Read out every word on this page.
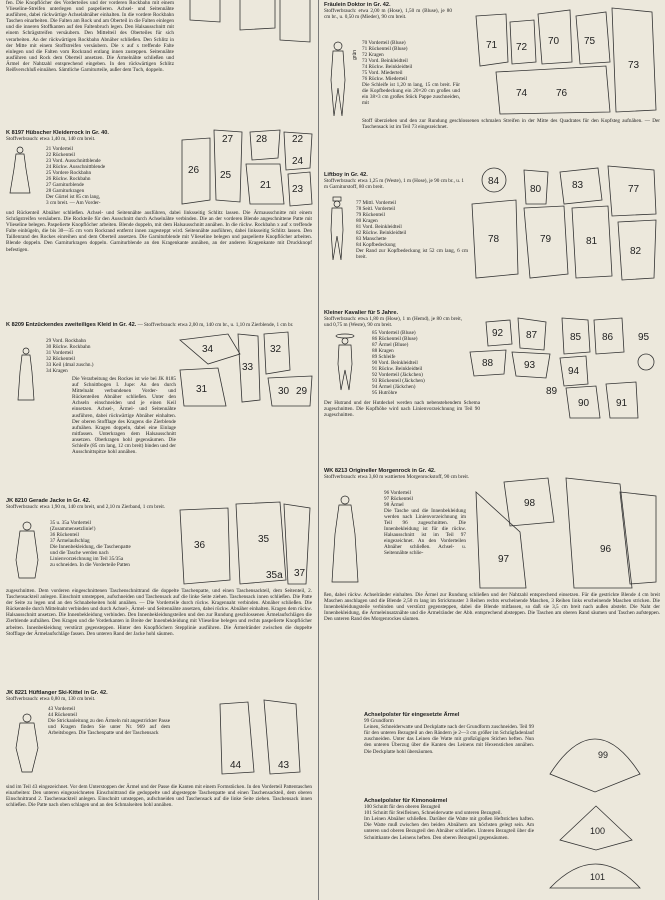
fen. Die Knopflöcher des Vorderteiles und der vorderen Rockbahn mit einem Vlieseline-Streifen unterlegen und paspelieren. Achsel- und Seitennähte ausführen, dabei rückwärtige Achselabnäher einhalten. In die vordere Rockbahn Taschen einarbeiten. Die Falten am Rock und am Oberteil in die Falten einlegen und die inneren Stoffkanten auf den Faltenbruch legen. Den Halsausschnitt mit einem Schrägstreifen versäubern. Den Mittelteil des Oberteiles für sich verarbeiten. An der rückwärtigen Rockbahn Abnäher schließen. Den Schlitz in der Mitte mit einem Stoffstreifen versäubern. Die x auf x treffende Falte einlegen und die Falten vom Rockrand entlang innen zusteppen. Seitennähte ausführen und Rock dem Oberteil ansetzen. Die Ärmelnähte schließen und Ärmel der Nahtzahl entsprechend eingeben. In den rückwärtigen Schlitz Reißverschluß einnähen. Sämtliche Garniturteile, außer dem Tuch, doppeln.
K 8197 Hübscher Kleiderrock in Gr. 40.
Stoffverbrauch: etwa 1,40 m, 140 cm breit.
21 Vorderteil
22 Rückenteil
23 Vord. Ausschnittblende
24 Rückw. Ausschnittblende
25 Vordere Rockbahn
26 Rückw. Rockbahn
27 Garniturblende
28 Garniturkragen
Der Gürtel ist 85 cm lang,
3 cm breit. — Am Vorder-
26
27 28 22
25
21
24
23
und Rückenteil Abnäher schließen. Achsel- und Seitennähte ausführen, dabei linksseitig Schlitz lassen. Die Ärmausschnitte mit einem Schrägstreifen versäubern. Die Rockteile für den Ausschnitt durch Achselnähte verbinden. Die an der vorderen Blende angeschnittene Patte mit Vlieseline belegen. Paspelierte Knopflöcher arbeiten. Blende doppeln, mit dem Halsausschnitt annähen. In die rückw. Rockbahn x auf x treffende Falte einbügeln, die bis 30—35 cm vom Rockrand entfernt innen zugesteppt wird. Seitennähte ausführen, dabei linksseitig Schlitz lassen. Den Taillenrand des Rockes einreihen und dem Oberteil ansetzen. Die Garniturblende mit Vlieseline belegen und paspelierte Knopflöcher arbeiten. Blende doppeln. Den Garniturkragen doppeln. Garniturblende an den Kragenkante annähen, an der anderen Kragenkante mit Druckknopf befestigen.
K 8209 Entzückendes zweiteiliges Kleid in Gr. 42. — Stoffverbrauch: etwa 2,00 m, 140 cm br., u. 1,10 m Zierblende, 1 cm br.
29 Vord. Rockbahn
30 Rückw. Rockbahn
31 Vorderteil
32 Rückenteil
33 Keil (4mal zuschn.)
34 Kragen
34
33
32
31	30 29
Die Verarbeitung des Rockes ist wie bei JK 8185 auf Schnittbogen I. Jupe: An den durch Mittelnaht verbundenen Vorder- und Rückenteilen Abnäher schließen. Unter den Achseln einschneiden und je einen Keil einsetzen. Achsel-, Ärmel- und Seitennähte ausführen, dabei rückwärtige Abnäher einhalten. Der oberen Stofflage des Kragens die Zierblende aufnähen. Kragen doppeln, dabei eine Einlage mitfassen. Unterkragen dem Halsausschnitt ansetzen. Oberkragen hohl gegensäumen. Die Schleife (85 cm lang, 12 cm breit) binden und der Ausschnittspitze hohl annähen.
JK 8210 Gerade Jacke in Gr. 42.
Stoffverbrauch: etwa 1,90 m, 140 cm breit, und 2,10 m Zierband, 1 cm breit.
35 u. 35a Vorderteil
(Zusammensetzlinie!)
36 Rückenteil
37 Ärmelaufschlag
Die Innenbekleidung, die Taschenpatte und die Tasche werden nach Linienvorzeichnung im Teil 35/35a
zu schneiden. In die Vorderteile Patten
36
35
35a 37
zugeschnitten. Dem vorderen eingeschnittenen Taschenschnittrand die doppelte Taschenpatte, und einen Taschensackteil, dem Seitenteil, 2. Taschensackteil anlegen. Einschnitt umsteppen, aufschneiden und Taschensack auf die linke Seite ziehen. Taschensack innen schließen. Die Patte der Seite zu legen und an den Schnabelseiten hohl annähen. — Die Vorderteile durch rückw. Kragennaht verbinden. Abnäher schließen. Die Rückenteile durch Mittelnaht verbinden und durch Achsel-, Ärmel- und Seitennähte ansetzen, dabei rückw. Abnäher einhalten. Kragen dem rückw. Halsausschnitt ansetzen. Die Innenbekleidung verbinden. Den Innenbekleidungsteilen und den zur Rundung geschlossenen Ärmelaufschlägen die Zierblende aufnähen. Den Kragen und die Vorderkanten in Breite der Innenbekleidung mit Vlieseline belegen und rechts paspelierte Knopflöcher arbeiten. Innenbekleidung verstürzt gegensteppen. Hinter den Knopflöchern Stepplinie ausführen. Die Ärmelränder zwischen die doppelte Stofflage der Ärmelaufschläge fassen. Den unteren Rand der Jacke hohl säumen.
JK 8221 Hüftlanger Ski-Kittel in Gr. 42.
Stoffverbrauch: etwa 0,80 m, 130 cm breit.
43 Vorderteil
44 Rückenteil
Die Strickanleitung zu den Ärmeln mit angestrickter Passe und Kragen finden Sie unter Nr. 969 auf dem Arbeitsbogen. Die Taschenpatte und der Taschensack
44	43
sind im Teil 43 eingezeichnet. Vor dem Unterstoppen der Ärmel und der Passe die Kanten mit einem Formstücken. In den Vorderteil Pattentaschen einarbeiten: Den unteren eingezeichneten Einschnittrand die gedoppelte und abgesteppte Taschenpatte und einen Taschensackteil, dem oberen Einschnittrand 2. Taschensackteil anlegen. Einschnitt umsteppen, aufschneiden und Taschensack auf die linke Seite ziehen. Taschensack innen schließen. Die Patte nach oben schlagen und an den Schmalseiten hohl annähen.
Fräulein Doktor in Gr. 42.
Stoffverbrauch: etwa 2,00 m (Hose), 1,50 m (Bluse), je 80 cm br., u. 0,50 m (Mieder), 90 cm breit.
grün
70 Vorderteil (Bluse)
71 Rückenteil (Bluse)
72 Kragen
73 Vord. Beinkleidteil
74 Rückw. Beinkleidteil
75 Vord. Miederteil
76 Rückw. Miederteil
Die Schleife ist 1,20 m lang, 15 cm breit. Für die Kopfbedeckung ein 20×20 cm großes und ein 38×3 cm großes Stück Pappe zuschneiden, mit
71 72
70 75
76
74
73
Stoff überziehen und den zur Rundung geschlossenen schmalen Streifen in der Mitte des Quadrates für den Kopfsteg aufnähen. — Der Taschensack ist im Teil 73 eingezeichnet.
Liftboy in Gr. 42.
Stoffverbrauch: etwa 1,25 m (Weste), 1 m (Hose), je 90 cm br., u. 1 m Garniturstoff, 80 cm breit.
77 Mittl. Vorderteil
78 Seitl. Vorderteil
79 Rückenteil
80 Kragen
81 Vord. Beinkleidteil
82 Rückw. Beinkleidteil
83 Manschette
84 Kopfbedeckung
Der Rand zur Kopfbedeckung ist 52 cm lang, 6 cm breit.
84
80	77
83
78	79	81
82
Kleiner Kavalier für 5 Jahre.
Stoffverbrauch: etwa 1,80 m (Hose), 1 m (Hemd), je 80 cm breit, und 0,75 m (Weste), 90 cm breit.
85 Vorderteil (Bluse)
86 Rückenteil (Bluse)
87 Ärmel (Bluse)
88 Kragen
89 Schleife
90 Vord. Beinkleidteil
91 Rückw. Beinkleidteil
92 Vorderteil (Jäckchen)
93 Rückenteil (Jäckchen)
94 Ärmel (Jäckchen)
95 Hutröhre
92 87	85 86
88	93
94
89
90	91
95
Der Hutrand und der Hutdeckel werden nach nebenstehendem Schema zugeschnitten. Die Kopfhöhe wird nach Linienvorzeichnung im Teil 90 zugeschnitten.
WK 8213 Origineller Morgenrock in Gr. 42.
Stoffverbrauch: etwa 3,60 m wattierten Morgenrockstoff, 90 cm breit.
96 Vorderteil
97 Rückenteil
98 Ärmel
Die Tasche und die Innenbekleidung werden nach Linienvorzeichnung im Teil 96 zugeschnitten. Die Innenbekleidung ist für die rückw. Halsausschnitt ist im Teil 97 eingezeichnet. An den Vorderteilen Abnäher schließen. Achsel- u. Seitennähte schlie-
98
97
96
ßen, dabei rückw. Achselränder einhalten. Die Ärmel zur Rundung schließen und der Nahtzahl entsprechend einsetzen. Für die gestrickte Blende 4 cm breit Maschen anschlagen und die Blende 2,50 m lang im Strickmuster 3 Reihen rechts erscheinende Maschen, 3 Reihen links erscheinende Maschen stricken. Die Innenbekleidungsteile verbinden und verstürzt gegensteppen, dabei die Blende mitfassen, so daß sie 3,5 cm breit nach außen absteht. Die Naht der Innenbekleidung, die Ärmeleinsatznähte und die Ärmelränder der Abb. entsprechend absteppen. Die Taschen am oberen Rand säumen und Taschen aufsteppen. Den unteren Rand des Morgenrockes säumen.
Achselpolster für eingesetzte Ärmel
99 Grundform
Leinen, Schneiderwatte und Deckplatte nach der Grundform zuschneiden. Teil 99 für den unteren Bezugteil an den Rändern je 2—3 cm größer im Schrägfadenlauf zuschneiden. Unter das Leinen die Watte mit großzügigen Stichen heften. Nun den unteren Überzug über die Kanten des Leinens mit Hexenstichen annähen. Die Deckplatte hohl übersäumen.	99
Achselpolster für Kimonoärmel
100 Schnitt für den oberen Bezugteil
101 Schnitt für Steifleinen, Schneiderwatte und unteren Bezugteil.
Im Leinen Abnäher schließen. Darüber die Watte mit großen Heftstichen haften. Die Watte muß zwischen den beiden Abnähern am höchsten gelegt sein. Am unteren und oberen Bezugteil den Abnäher schließen. Unteren Bezugteil über die Schnittkante des Leinens heften. Den oberen Bezugteil gegensäumen.
100
101
